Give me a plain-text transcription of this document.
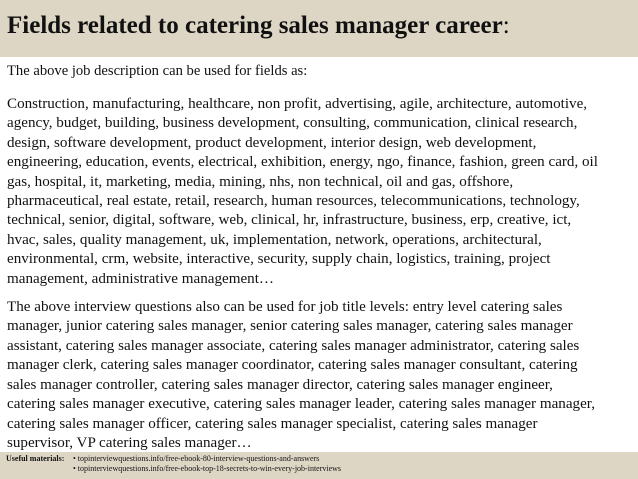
Fields related to catering sales manager career:

The above job description can be used for fields as:

Construction, manufacturing, healthcare, non profit, advertising, agile, architecture, automotive,
agency, budget, building, business development, consulting, communication, clinical research,
design, software development, product development, interior design, web development,
engineering, education, events, electrical, exhibition, energy, ngo, finance, fashion, green card, oil
gas, hospital, it, marketing, media, mining, nhs, non technical, oil and gas, offshore,
pharmaceutical, real estate, retail, research, human resources, telecommunications, technology,
technical, senior, digital, software, web, clinical, hr, infrastructure, business, erp, creative, ict,
hvac, sales, quality management, uk, implementation, network, operations, architectural,
environmental, crm, website, interactive, security, supply chain, logistics, training, project
management, administrative management…

The above interview questions also can be used for job title levels: entry level catering sales
manager, junior catering sales manager, senior catering sales manager, catering sales manager
assistant, catering sales manager associate, catering sales manager administrator, catering sales
manager clerk, catering sales manager coordinator, catering sales manager consultant, catering
sales manager controller, catering sales manager director, catering sales manager engineer,
catering sales manager executive, catering sales manager leader, catering sales manager manager,
catering sales manager officer, catering sales manager specialist, catering sales manager
supervisor, VP catering sales manager…

Useful materials: • topinterviewquestions.info/free-ebook-80-interview-questions-and-answers
• topinterviewquestions.info/free-ebook-top-18-secrets-to-win-every-job-interviews
